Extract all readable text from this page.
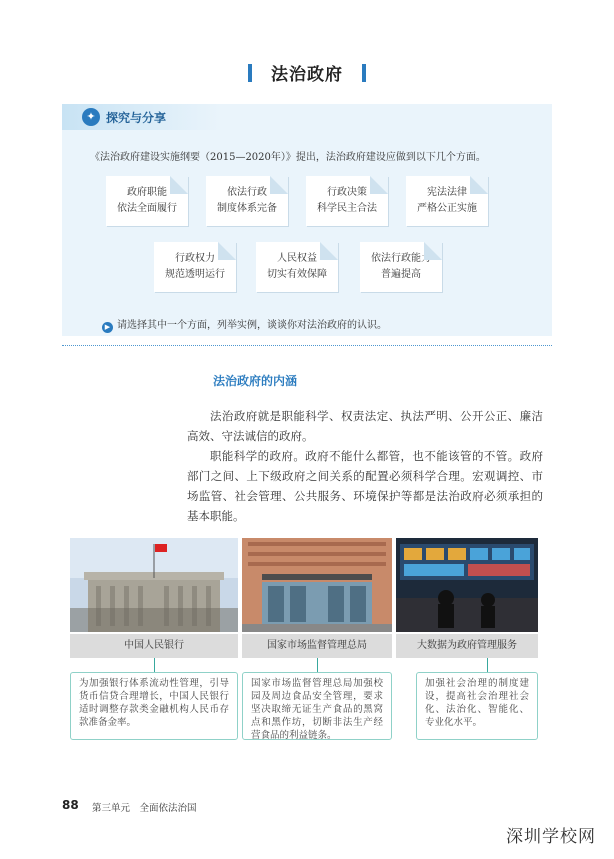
法治政府
✦ 探究与分享
《法治政府建设实施纲要（2015—2020年）》提出，法治政府建设应做到以下几个方面。
政府职能
依法全面履行
依法行政
制度体系完备
行政决策
科学民主合法
宪法法律
严格公正实施
行政权力
规范透明运行
人民权益
切实有效保障
依法行政能力
普遍提高
▶ 请选择其中一个方面，列举实例，谈谈你对法治政府的认识。
法治政府的内涵
法治政府就是职能科学、权责法定、执法严明、公开公正、廉洁高效、守法诚信的政府。
职能科学的政府。政府不能什么都管，也不能该管的不管。政府部门之间、上下级政府之间关系的配置必须科学合理。宏观调控、市场监管、社会管理、公共服务、环境保护等都是法治政府必须承担的基本职能。
中国人民银行	国家市场监督管理总局	大数据为政府管理服务
为加强银行体系流动性管理，引导货币信贷合理增长，中国人民银行适时调整存款类金融机构人民币存款准备金率。
国家市场监督管理总局加强校园及周边食品安全管理，要求坚决取缔无证生产食品的黑窝点和黑作坊，切断非法生产经营食品的利益链条。
加强社会治理的制度建设，提高社会治理社会化、法治化、智能化、专业化水平。
88 第三单元　全面依法治国
深圳学校网
